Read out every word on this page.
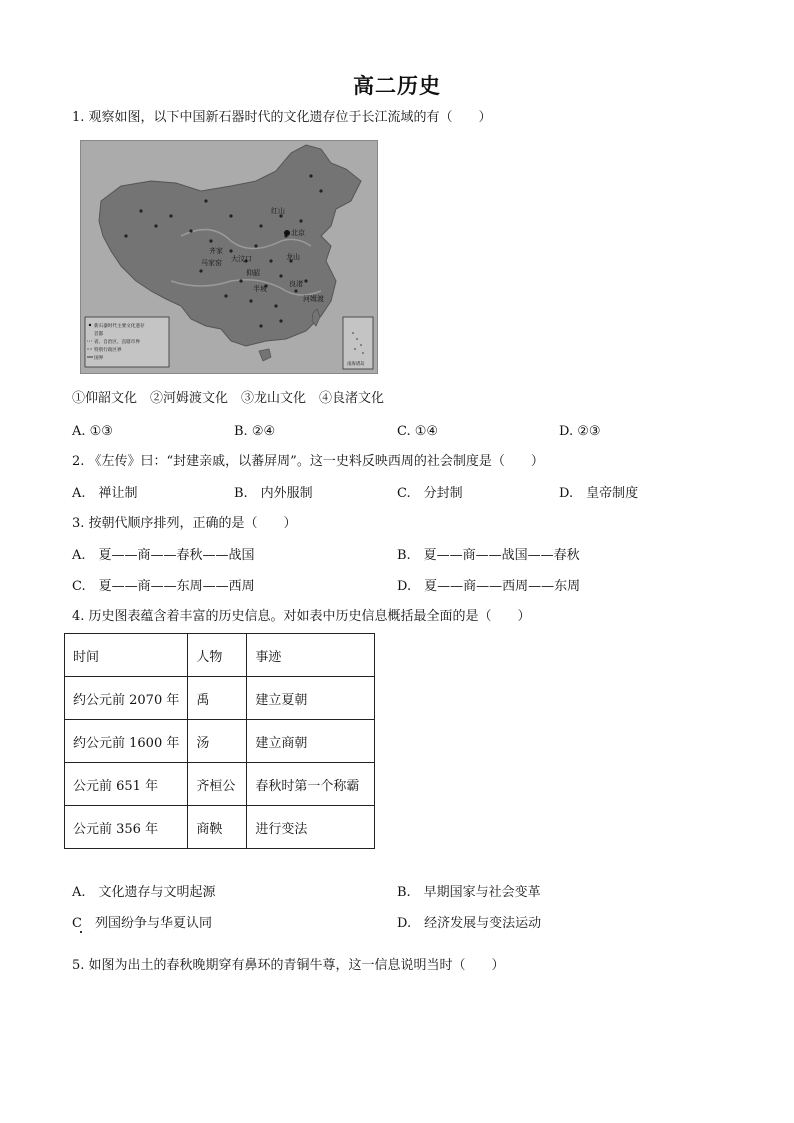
高二历史
1. 观察如图，以下中国新石器时代的文化遗存位于长江流域的有（　　）
红山
北京
齐家
马家窑 大汶口
仰韶
龙山
半坡
河姆渡
良渚
新石器时代主要文化遗存
首都
省、自治区、直辖市界
特别行政区界
国界
南海诸岛
①仰韶文化　②河姆渡文化　③龙山文化　④良渚文化
A. ①③	B. ②④	C. ①④	D. ②③
2. 《左传》曰：“封建亲戚，以蕃屏周”。这一史料反映西周的社会制度是（　　）
A.　禅让制	B.　内外服制	C.　分封制	D.　皇帝制度
3. 按朝代顺序排列，正确的是（　　）
A.　夏——商——春秋——战国	B.　夏——商——战国——春秋
C.　夏——商——东周——西周	D.　夏——商——西周——东周
4. 历史图表蕴含着丰富的历史信息。对如表中历史信息概括最全面的是（　　）
时间	人物	事迹
约公元前 2070 年	禹	建立夏朝
约公元前 1600 年	汤	建立商朝
公元前 651 年	齐桓公	春秋时第一个称霸
公元前 356 年	商鞅	进行变法
A.　文化遗存与文明起源	B.　早期国家与社会变革
C　列国纷争与华夏认同	D.　经济发展与变法运动
5. 如图为出土的春秋晚期穿有鼻环的青铜牛尊，这一信息说明当时（　　）
